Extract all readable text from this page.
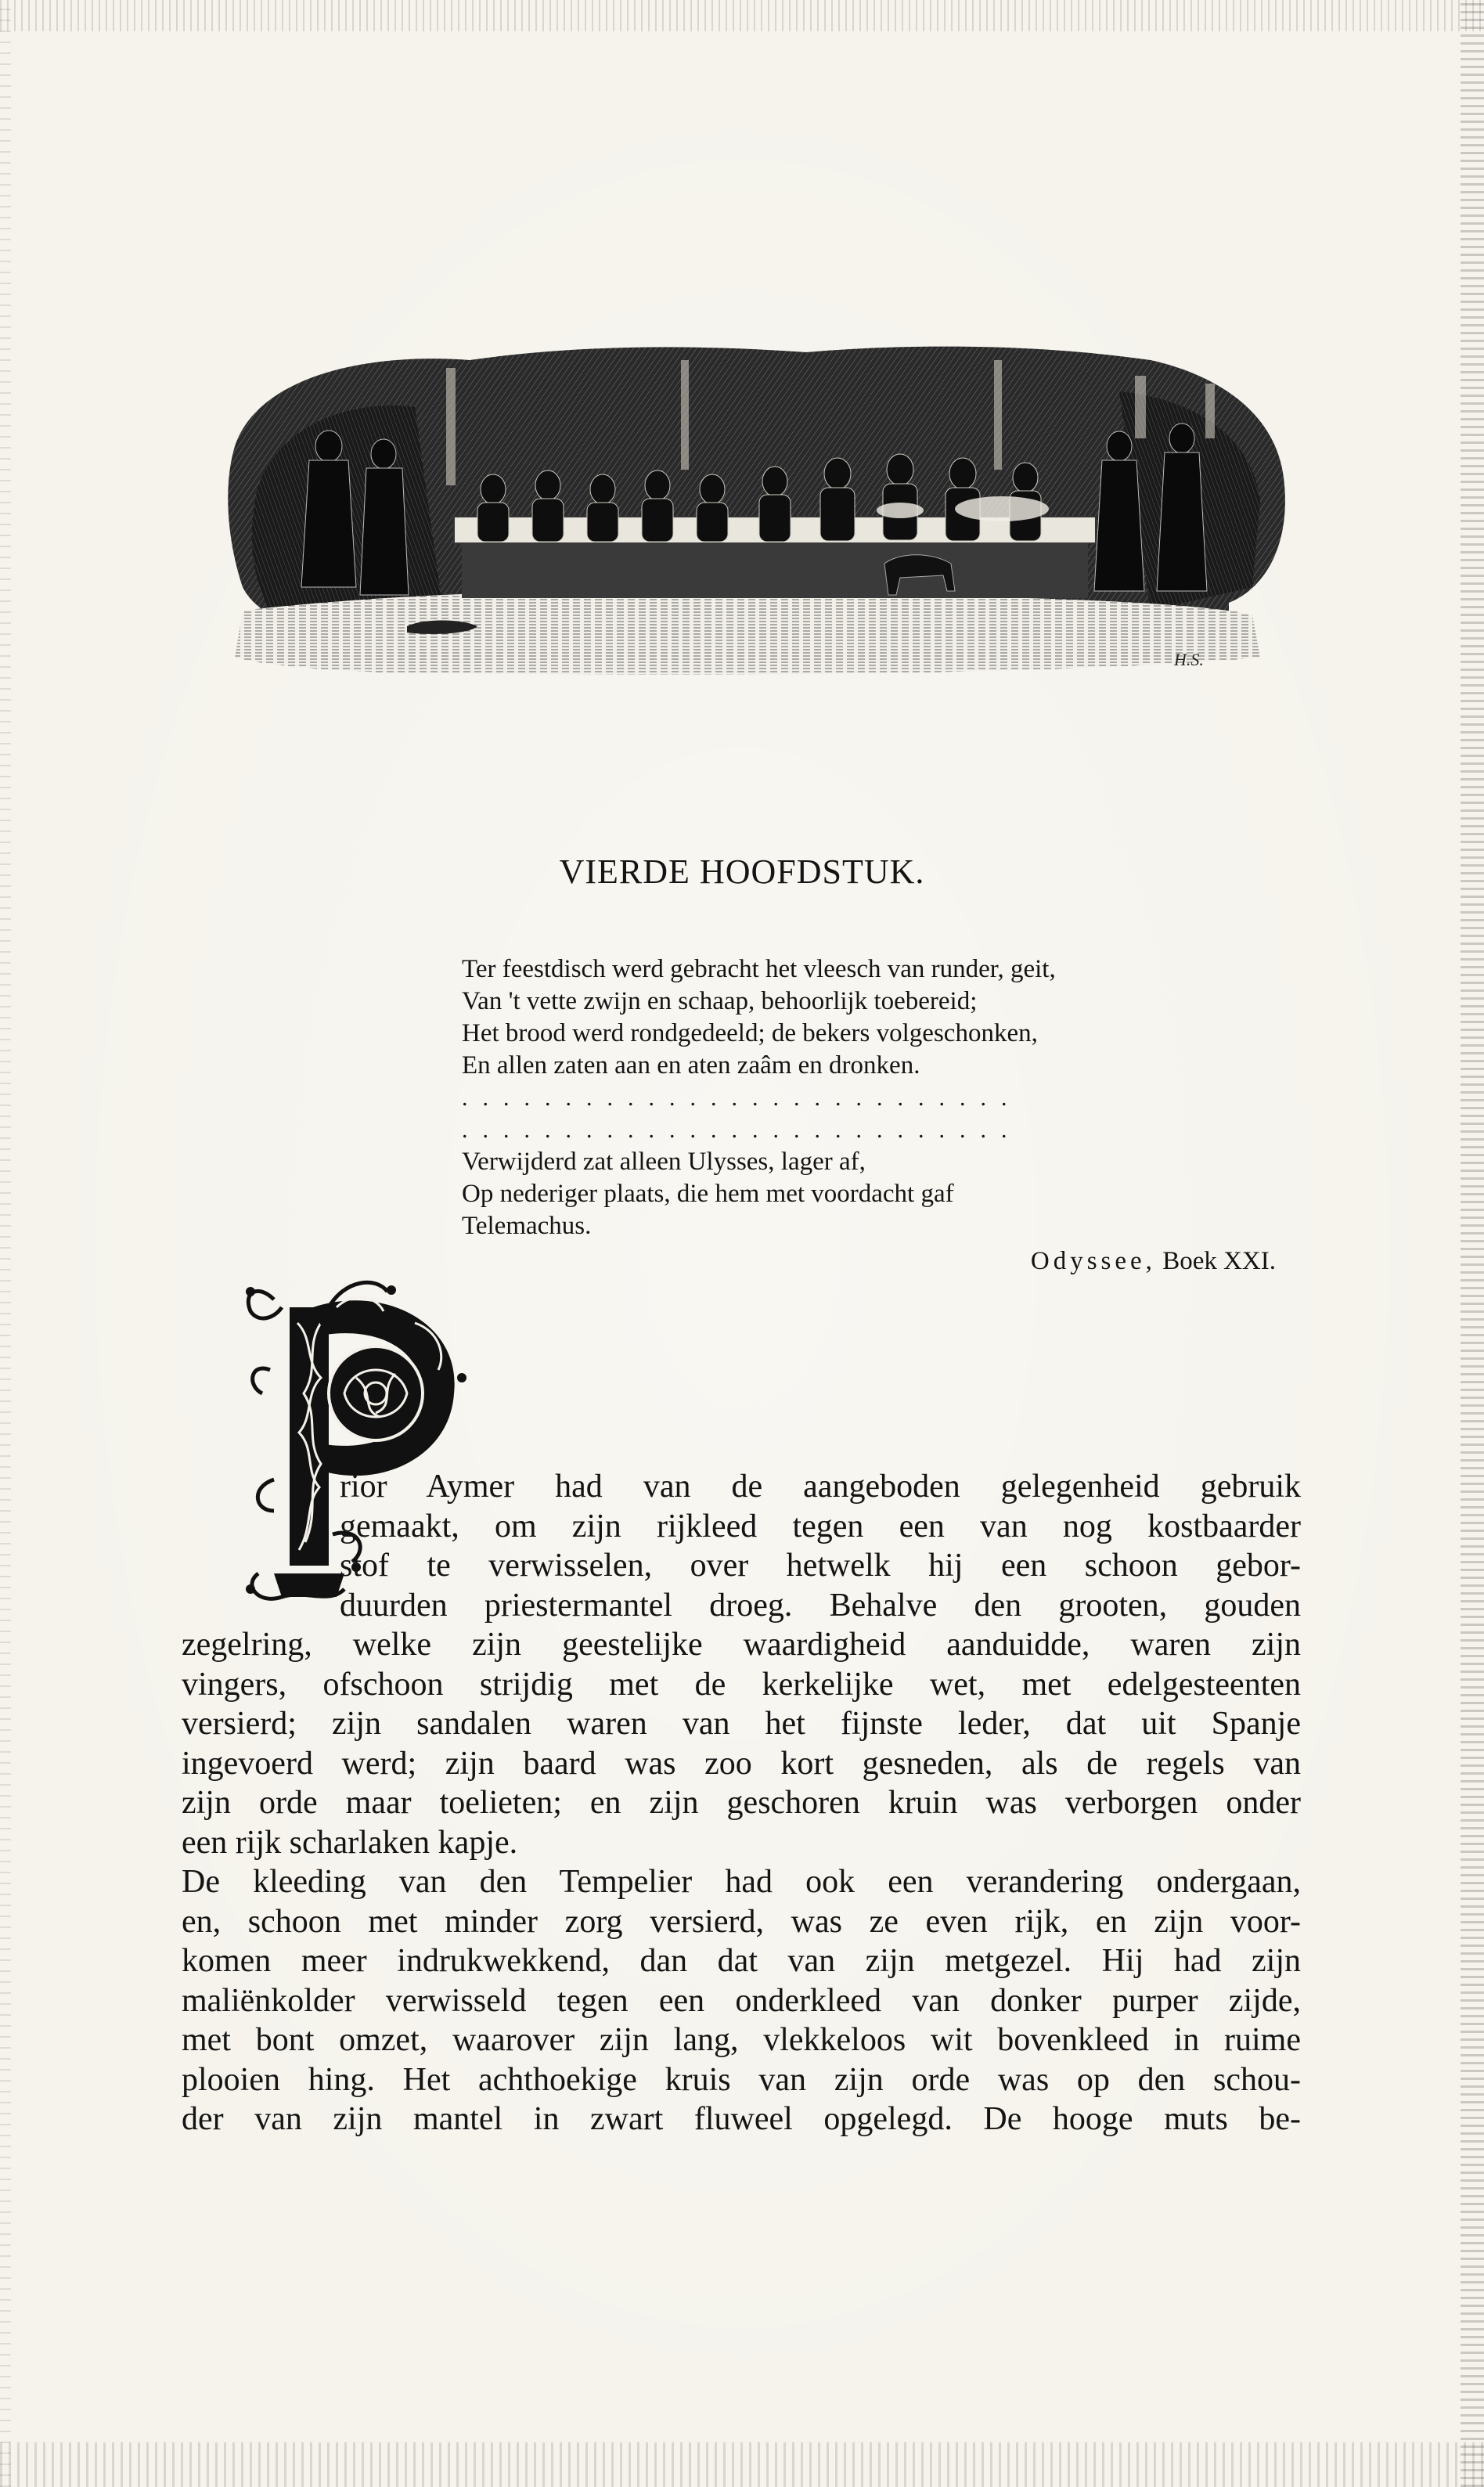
H.S.
VIERDE HOOFDSTUK.
Ter feestdisch werd gebracht het vleesch van runder, geit,
Van 't vette zwijn en schaap, behoorlijk toebereid;
Het brood werd rondgedeeld; de bekers volgeschonken,
En allen zaten aan en aten zaâm en dronken.
...........................
...........................
Verwijderd zat alleen Ulysses, lager af,
Op nederiger plaats, die hem met voordacht gaf
Telemachus.
Odyssee, Boek XXI.
P
rior Aymer had van de aangeboden gelegenheid gebruik
gemaakt, om zijn rijkleed tegen een van nog kostbaarder
stof te verwisselen, over hetwelk hij een schoon gebor-
duurden priestermantel droeg. Behalve den grooten, gouden
zegelring, welke zijn geestelijke waardigheid aanduidde, waren zijn
vingers, ofschoon strijdig met de kerkelijke wet, met edelgesteenten
versierd; zijn sandalen waren van het fijnste leder, dat uit Spanje
ingevoerd werd; zijn baard was zoo kort gesneden, als de regels van
zijn orde maar toelieten; en zijn geschoren kruin was verborgen onder
een rijk scharlaken kapje.
De kleeding van den Tempelier had ook een verandering ondergaan,
en, schoon met minder zorg versierd, was ze even rijk, en zijn voor-
komen meer indrukwekkend, dan dat van zijn metgezel. Hij had zijn
maliënkolder verwisseld tegen een onderkleed van donker purper zijde,
met bont omzet, waarover zijn lang, vlekkeloos wit bovenkleed in ruime
plooien hing. Het achthoekige kruis van zijn orde was op den schou-
der van zijn mantel in zwart fluweel opgelegd. De hooge muts be-
